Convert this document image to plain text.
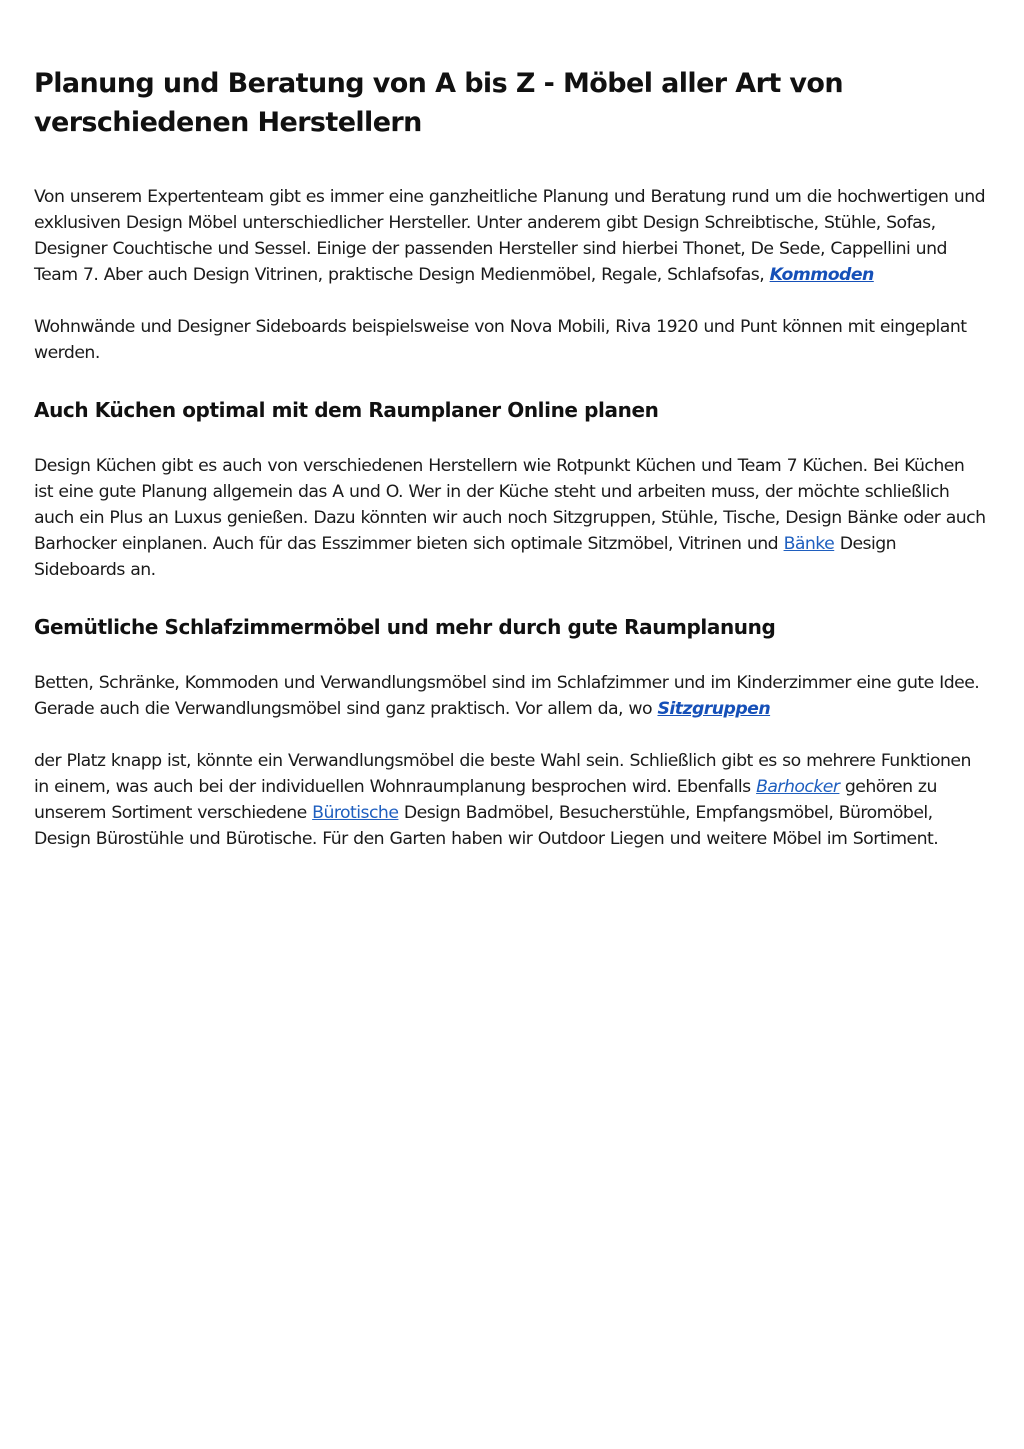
Planung und Beratung von A bis Z - Möbel aller Art von verschiedenen Herstellern

Von unserem Expertenteam gibt es immer eine ganzheitliche Planung und Beratung rund um die hochwertigen und exklusiven Design Möbel unterschiedlicher Hersteller. Unter anderem gibt Design Schreibtische, Stühle, Sofas, Designer Couchtische und Sessel. Einige der passenden Hersteller sind hierbei Thonet, De Sede, Cappellini und Team 7. Aber auch Design Vitrinen, praktische Design Medienmöbel, Regale, Schlafsofas, Kommoden

Wohnwände und Designer Sideboards beispielsweise von Nova Mobili, Riva 1920 und Punt können mit eingeplant werden.

Auch Küchen optimal mit dem Raumplaner Online planen

Design Küchen gibt es auch von verschiedenen Herstellern wie Rotpunkt Küchen und Team 7 Küchen. Bei Küchen ist eine gute Planung allgemein das A und O. Wer in der Küche steht und arbeiten muss, der möchte schließlich auch ein Plus an Luxus genießen. Dazu könnten wir auch noch Sitzgruppen, Stühle, Tische, Design Bänke oder auch Barhocker einplanen. Auch für das Esszimmer bieten sich optimale Sitzmöbel, Vitrinen und Bänke Design Sideboards an.

Gemütliche Schlafzimmermöbel und mehr durch gute Raumplanung

Betten, Schränke, Kommoden und Verwandlungsmöbel sind im Schlafzimmer und im Kinderzimmer eine gute Idee. Gerade auch die Verwandlungsmöbel sind ganz praktisch. Vor allem da, wo Sitzgruppen

der Platz knapp ist, könnte ein Verwandlungsmöbel die beste Wahl sein. Schließlich gibt es so mehrere Funktionen in einem, was auch bei der individuellen Wohnraumplanung besprochen wird. Ebenfalls Barhocker gehören zu unserem Sortiment verschiedene Bürotische Design Badmöbel, Besucherstühle, Empfangsmöbel, Büromöbel, Design Bürostühle und Bürotische. Für den Garten haben wir Outdoor Liegen und weitere Möbel im Sortiment.
